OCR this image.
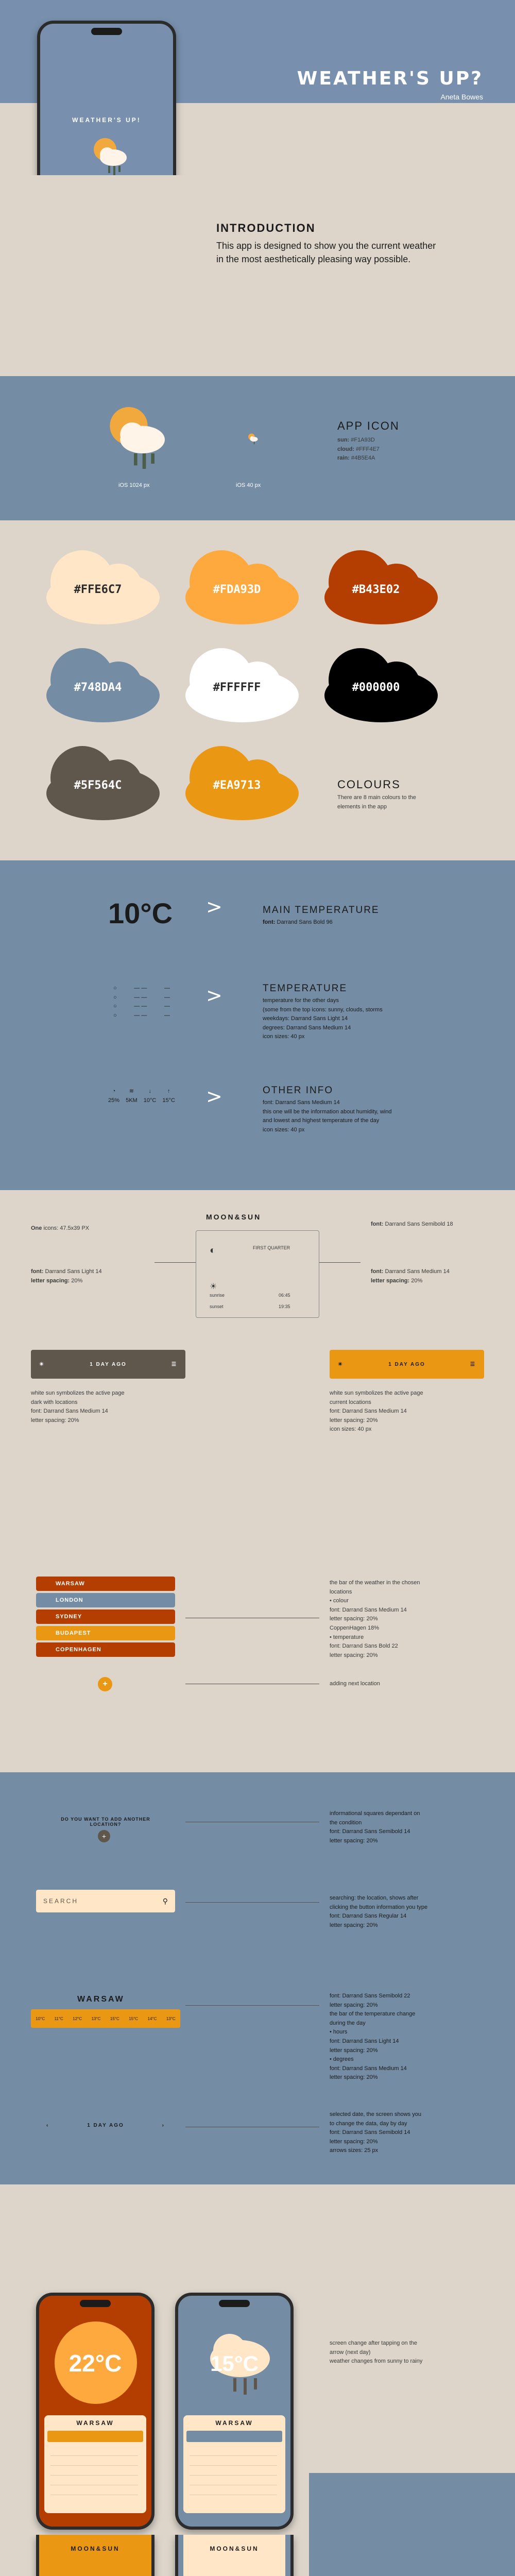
WEATHER'S UP!
WEATHER'S UP?
Aneta Bowes
INTRODUCTION
This app is designed to show you the current weather in the most aesthetically pleasing way possible.
iOS 1024 px	iOS 40 px
APP ICON
sun: #F1A93D
cloud: #FFF4E7
rain: #4B5E4A
#FFE6C7	#FDA93D	#B43E02
#748DA4	#FFFFFF	#000000
#5F564C	#EA9713	COLOURS
There are 8 main colours to the elements in the app
10°C >	MAIN TEMPERATURE
font: Darrand Sans Bold 96
○	— —	—
○	— —	—
○	— —	—
○	— —	—
>	TEMPERATURE
temperature for the other days
(some from the top icons: sunny, clouds, storms
weekdays: Darrand Sans Light 14
degrees: Darrand Sans Medium 14
icon sizes: 40 px
◔
25%
≋
5KM
↓
10°C
↑
15°C >	OTHER INFO
font: Darrand Sans Medium 14
this one will be the information about humidity, wind
and lowest and highest temperature of the day
icon sizes: 40 px
MOON&SUN
One icons: 47.5x39 PX
font: Darrand Sans Semibold 18
font: Darrand Sans Light 14
letter spacing: 20%
font: Darrand Sans Medium 14
letter spacing: 20%
◐	FIRST QUARTER
☀
sunrise	06:45
sunset	19:35
☀	1 DAY AGO	☰	☀	1 DAY AGO	☰
white sun symbolizes the active page
dark with locations
font: Darrand Sans Medium 14
letter spacing: 20%
white sun symbolizes the active page
current locations
font: Darrand Sans Medium 14
letter spacing: 20%
icon sizes: 40 px
WARSAW
LONDON
SYDNEY
BUDAPEST
COPENHAGEN
the bar of the weather in the chosen
locations
• colour
font: Darrand Sans Medium 14
letter spacing: 20%
CoppenHagen 18%
• temperature
font: Darrand Sans Bold 22
letter spacing: 20%
+	adding next location
DO YOU WANT TO ADD ANOTHER LOCATION?
+
informational squares dependant on
the condition
font: Darrand Sans Semibold 14
letter spacing: 20%
SEARCH	⚲	searching: the location, shows after
clicking the button information you type
font: Darrand Sans Regular 14
letter spacing: 20%
WARSAW
10°C 11°C 12°C 13°C 15°C 15°C 14°C 13°C
font: Darrand Sans Semibold 22
letter spacing: 20%
the bar of the temperature change
during the day
• hours
font: Darrand Sans Light 14
letter spacing: 20%
• degrees
font: Darrand Sans Medium 14
letter spacing: 20%
‹	1 DAY AGO	›
selected date, the screen shows you
to change the data, day by day
font: Darrand Sans Semibold 14
letter spacing: 20%
arrows sizes: 25 px
22°C
WARSAW
15°C
WARSAW
screen change after tapping on the
arrow (next day)
weather changes from sunny to rainy
MOON&SUN	MOON&SUN
